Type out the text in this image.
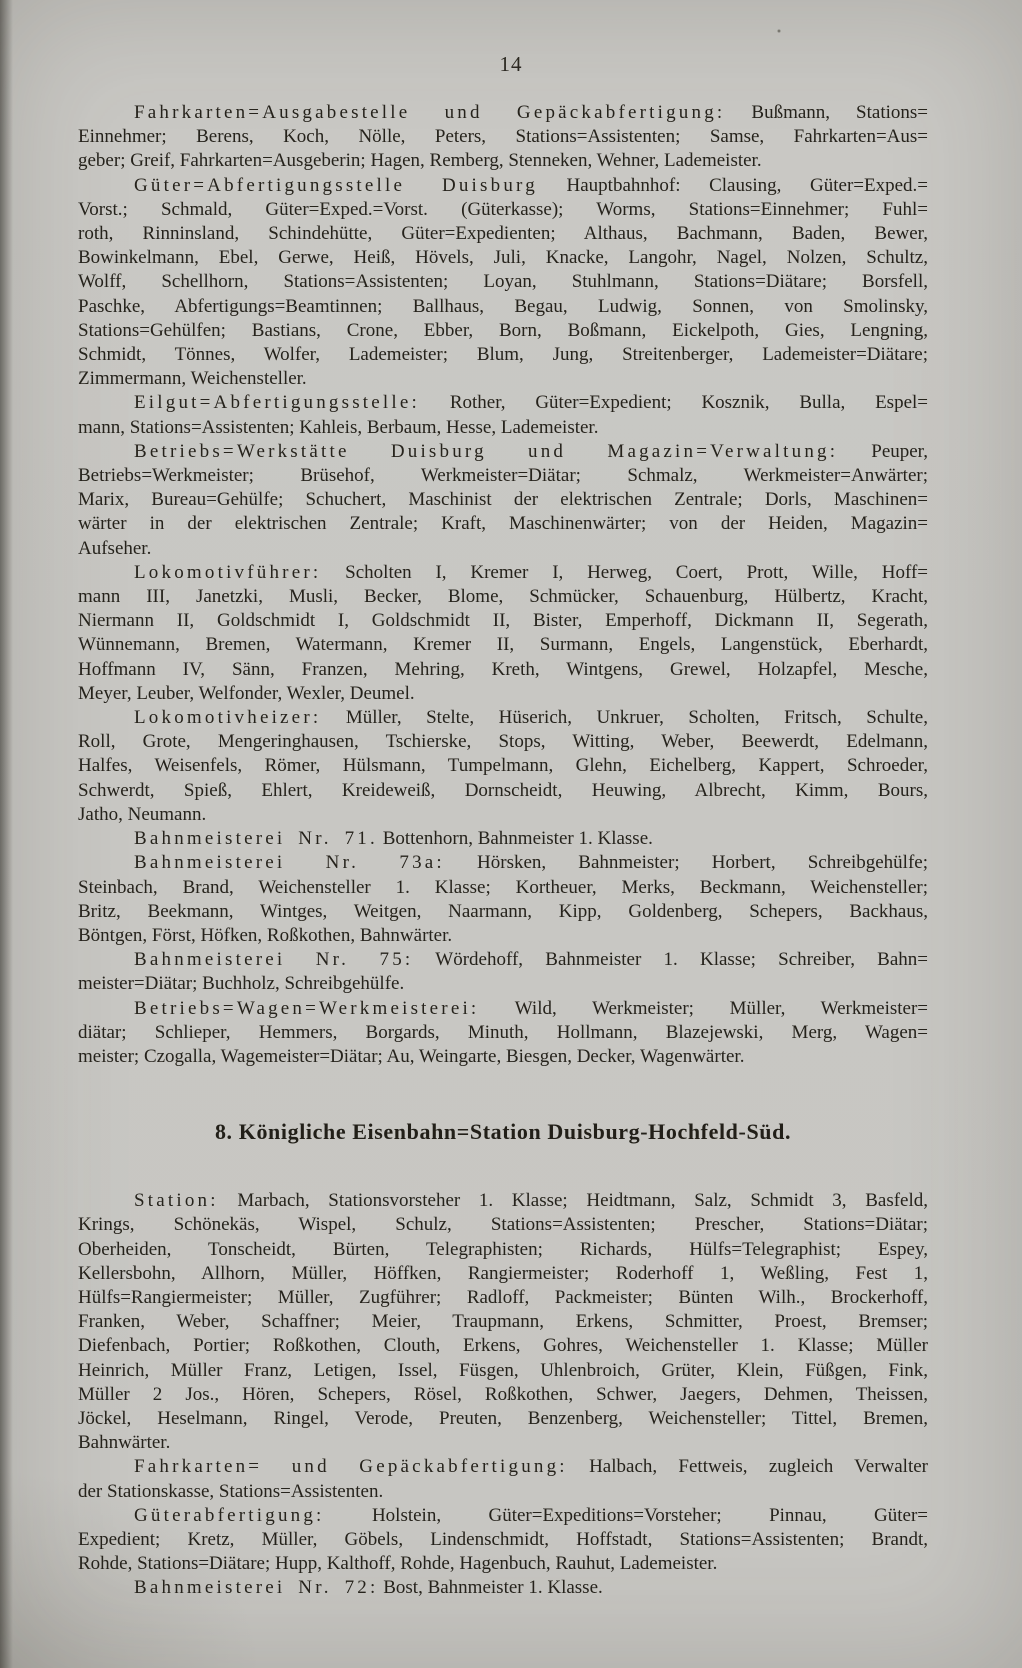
14
Fahrkarten=Ausgabestelle und Gepäckabfertigung: Bußmann, Stations=
Einnehmer; Berens, Koch, Nölle, Peters, Stations=Assistenten; Samse, Fahrkarten=Aus=
geber; Greif, Fahrkarten=Ausgeberin; Hagen, Remberg, Stenneken, Wehner, Lademeister.
Güter=Abfertigungsstelle Duisburg Hauptbahnhof: Clausing, Güter=Exped.=
Vorst.; Schmald, Güter=Exped.=Vorst. (Güterkasse); Worms, Stations=Einnehmer; Fuhl=
roth, Rinninsland, Schindehütte, Güter=Expedienten; Althaus, Bachmann, Baden, Bewer,
Bowinkelmann, Ebel, Gerwe, Heiß, Hövels, Juli, Knacke, Langohr, Nagel, Nolzen, Schultz,
Wolff, Schellhorn, Stations=Assistenten; Loyan, Stuhlmann, Stations=Diätare; Borsfell,
Paschke, Abfertigungs=Beamtinnen; Ballhaus, Begau, Ludwig, Sonnen, von Smolinsky,
Stations=Gehülfen; Bastians, Crone, Ebber, Born, Boßmann, Eickelpoth, Gies, Lengning,
Schmidt, Tönnes, Wolfer, Lademeister; Blum, Jung, Streitenberger, Lademeister=Diätare;
Zimmermann, Weichensteller.
Eilgut=Abfertigungsstelle: Rother, Güter=Expedient; Kosznik, Bulla, Espel=
mann, Stations=Assistenten; Kahleis, Berbaum, Hesse, Lademeister.
Betriebs=Werkstätte Duisburg und Magazin=Verwaltung: Peuper,
Betriebs=Werkmeister; Brüsehof, Werkmeister=Diätar; Schmalz, Werkmeister=Anwärter;
Marix, Bureau=Gehülfe; Schuchert, Maschinist der elektrischen Zentrale; Dorls, Maschinen=
wärter in der elektrischen Zentrale; Kraft, Maschinenwärter; von der Heiden, Magazin=
Aufseher.
Lokomotivführer: Scholten I, Kremer I, Herweg, Coert, Prott, Wille, Hoff=
mann III, Janetzki, Musli, Becker, Blome, Schmücker, Schauenburg, Hülbertz, Kracht,
Niermann II, Goldschmidt I, Goldschmidt II, Bister, Emperhoff, Dickmann II, Segerath,
Wünnemann, Bremen, Watermann, Kremer II, Surmann, Engels, Langenstück, Eberhardt,
Hoffmann IV, Sänn, Franzen, Mehring, Kreth, Wintgens, Grewel, Holzapfel, Mesche,
Meyer, Leuber, Welfonder, Wexler, Deumel.
Lokomotivheizer: Müller, Stelte, Hüserich, Unkruer, Scholten, Fritsch, Schulte,
Roll, Grote, Mengeringhausen, Tschierske, Stops, Witting, Weber, Beewerdt, Edelmann,
Halfes, Weisenfels, Römer, Hülsmann, Tumpelmann, Glehn, Eichelberg, Kappert, Schroeder,
Schwerdt, Spieß, Ehlert, Kreideweiß, Dornscheidt, Heuwing, Albrecht, Kimm, Bours,
Jatho, Neumann.
Bahnmeisterei Nr. 71. Bottenhorn, Bahnmeister 1. Klasse.
Bahnmeisterei Nr. 73a: Hörsken, Bahnmeister; Horbert, Schreibgehülfe;
Steinbach, Brand, Weichensteller 1. Klasse; Kortheuer, Merks, Beckmann, Weichensteller;
Britz, Beekmann, Wintges, Weitgen, Naarmann, Kipp, Goldenberg, Schepers, Backhaus,
Böntgen, Först, Höfken, Roßkothen, Bahnwärter.
Bahnmeisterei Nr. 75: Wördehoff, Bahnmeister 1. Klasse; Schreiber, Bahn=
meister=Diätar; Buchholz, Schreibgehülfe.
Betriebs=Wagen=Werkmeisterei: Wild, Werkmeister; Müller, Werkmeister=
diätar; Schlieper, Hemmers, Borgards, Minuth, Hollmann, Blazejewski, Merg, Wagen=
meister; Czogalla, Wagemeister=Diätar; Au, Weingarte, Biesgen, Decker, Wagenwärter.
8. Königliche Eisenbahn=Station Duisburg-Hochfeld-Süd.
Station: Marbach, Stationsvorsteher 1. Klasse; Heidtmann, Salz, Schmidt 3, Basfeld,
Krings, Schönekäs, Wispel, Schulz, Stations=Assistenten; Prescher, Stations=Diätar;
Oberheiden, Tonscheidt, Bürten, Telegraphisten; Richards, Hülfs=Telegraphist; Espey,
Kellersbohn, Allhorn, Müller, Höffken, Rangiermeister; Roderhoff 1, Weßling, Fest 1,
Hülfs=Rangiermeister; Müller, Zugführer; Radloff, Packmeister; Bünten Wilh., Brockerhoff,
Franken, Weber, Schaffner; Meier, Traupmann, Erkens, Schmitter, Proest, Bremser;
Diefenbach, Portier; Roßkothen, Clouth, Erkens, Gohres, Weichensteller 1. Klasse; Müller
Heinrich, Müller Franz, Letigen, Issel, Füsgen, Uhlenbroich, Grüter, Klein, Füßgen, Fink,
Müller 2 Jos., Hören, Schepers, Rösel, Roßkothen, Schwer, Jaegers, Dehmen, Theissen,
Jöckel, Heselmann, Ringel, Verode, Preuten, Benzenberg, Weichensteller; Tittel, Bremen,
Bahnwärter.
Fahrkarten= und Gepäckabfertigung: Halbach, Fettweis, zugleich Verwalter
der Stationskasse, Stations=Assistenten.
Güterabfertigung: Holstein, Güter=Expeditions=Vorsteher; Pinnau, Güter=
Expedient; Kretz, Müller, Göbels, Lindenschmidt, Hoffstadt, Stations=Assistenten; Brandt,
Rohde, Stations=Diätare; Hupp, Kalthoff, Rohde, Hagenbuch, Rauhut, Lademeister.
Bahnmeisterei Nr. 72: Bost, Bahnmeister 1. Klasse.
